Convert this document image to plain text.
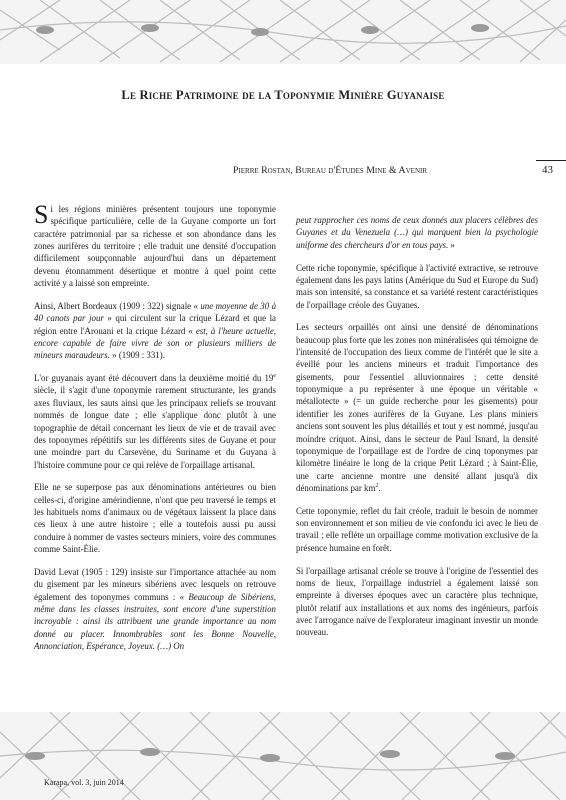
Le Riche Patrimoine de la Toponymie Minière Guyanaise
Pierre Rostan, Bureau d'Études Mine & Avenir	43

Si les régions minières présentent toujours une toponymie spécifique particulière, celle de la Guyane comporte un fort caractère patrimonial par sa richesse et son abondance dans les zones aurifères du territoire ; elle traduit une densité d'occupation difficilement soupçonnable aujourd'hui dans un département devenu étonnamment désertique et montre à quel point cette activité y a laissé son empreinte.

Ainsi, Albert Bordeaux (1909 : 322) signale « une moyenne de 30 à 40 canots par jour » qui circulent sur la crique Lézard et que la région entre l'Arouani et la crique Lézard « est, à l'heure actuelle, encore capable de faire vivre de son or plusieurs milliers de mineurs maraudeurs. » (1909 : 331).

L'or guyanais ayant été découvert dans la deuxième moitié du 19e siècle, il s'agit d'une toponymie rarement structurante, les grands axes fluviaux, les sauts ainsi que les principaux reliefs se trouvant nommés de longue date ; elle s'applique donc plutôt à une topographie de détail concernant les lieux de vie et de travail avec des toponymes répétitifs sur les différents sites de Guyane et pour une moindre part du Carsevène, du Suriname et du Guyana à l'histoire commune pour ce qui relève de l'orpaillage artisanal.

Elle ne se superpose pas aux dénominations antérieures ou bien celles-ci, d'origine amérindienne, n'ont que peu traversé le temps et les habituels noms d'animaux ou de végétaux laissent la place dans ces lieux à une autre histoire ; elle a toutefois aussi pu aussi conduire à nommer de vastes secteurs miniers, voire des communes comme Saint-Élie.

David Levat (1905 : 129) insiste sur l'importance attachée au nom du gisement par les mineurs sibériens avec lesquels on retrouve également des toponymes communs : « Beaucoup de Sibériens, même dans les classes instruites, sont encore d'une superstition incroyable : ainsi ils attribuent une grande importance au nom donné au placer. Innombrables sont les Bonne Nouvelle, Annonciation, Espérance, Joyeux. (…) On

peut rapprocher ces noms de ceux donnés aux placers célèbres des Guyanes et du Venezuela (…) qui marquent bien la psychologie uniforme des chercheurs d'or en tous pays. »

Cette riche toponymie, spécifique à l'activité extractive, se retrouve également dans les pays latins (Amérique du Sud et Europe du Sud) mais son intensité, sa constance et sa variété restent caractéristiques de l'orpaillage créole des Guyanes.

Les secteurs orpaillés ont ainsi une densité de dénominations beaucoup plus forte que les zones non minéralisées qui témoigne de l'intensité de l'occupation des lieux comme de l'intérêt que le site a éveillé pour les anciens mineurs et traduit l'importance des gisements, pour l'essentiel alluvionnaires ; cette densité toponymique a pu représenter à une époque un véritable « métallotecte » (= un guide recherche pour les gisements) pour identifier les zones aurifères de la Guyane. Les plans miniers anciens sont souvent les plus détaillés et tout y est nommé, jusqu'au moindre criquot. Ainsi, dans le secteur de Paul Isnard, la densité toponymique de l'orpaillage est de l'ordre de cinq toponymes par kilomètre linéaire le long de la crique Petit Lézard ; à Saint-Élie, une carte ancienne montre une densité allant jusqu'à dix dénominations par $km^2$.

Cette toponymie, reflet du fait créole, traduit le besoin de nommer son environnement et son milieu de vie confondu ici avec le lieu de travail ; elle reflète un orpaillage comme motivation exclusive de la présence humaine en forêt.

Si l'orpaillage artisanal créole se trouve à l'origine de l'essentiel des noms de lieux, l'orpaillage industriel a également laissé son empreinte à diverses époques avec un caractère plus technique, plutôt relatif aux installations et aux noms des ingénieurs, parfois avec l'arrogance naïve de l'explorateur imaginant investir un monde nouveau.

Karapa, vol. 3, juin 2014
